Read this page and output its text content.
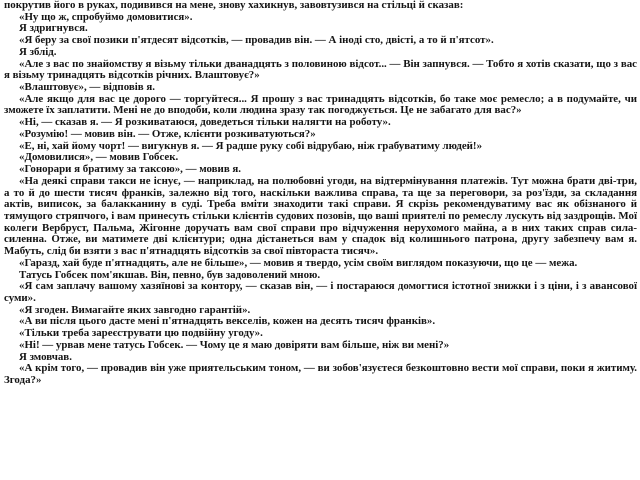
покрутив його в руках, подивився на мене, знову хахикнув, завовтузився на стільці й сказав:

«Ну що ж, спробуймо домовитися».

Я здригнувся.

«Я беру за свої позики п'ятдесят відсотків, — провадив він. — А іноді сто, двісті, а то й п'ятсот».

Я зблід.

«Але з вас по знайомству я візьму тільки дванадцять з половиною відсот... — Він запнувся. — Тобто я хотів сказати, що з вас я візьму тринадцять відсотків річних. Влаштовує?»

«Влаштовує», — відповів я.

«Але якщо для вас це дорого — торгуйтеся... Я прошу з вас тринадцять відсотків, бо таке моє ремесло; а в подумайте, чи зможете їх заплатити. Мені не до вподоби, коли людина зразу так погоджується. Це не забагато для вас?»

«Ні, — сказав я. — Я розкиватаюся, доведеться тільки налягти на роботу».

«Розумію! — мовив він. — Отже, клієнти розкиватуються?»

«Е, ні, хай йому чорт! — вигукнув я. — Я радше руку собі відрубаю, ніж грабуватиму людей!»

«Домовилися», — мовив Гобсек.

«Гонорари я братиму за таксою», — мовив я.

«На деякі справи такси не існує, — наприклад, на полюбовні угоди, на відтермінування платежів. Тут можна брати дві-три, а то й до шести тисяч франків, залежно від того, наскільки важлива справа, та ще за переговори, за роз'їзди, за складання актів, виписок, за балакканину в суді. Треба вміти знаходити такі справи. Я скрізь рекомендуватиму вас як обізнаного й тямущого стряпчого, і вам принесуть стільки клієнтів судових позовів, що ваші приятелі по ремеслу лускуть від заздрощів. Мої колеги Вербруст, Пальма, Жігонне доручать вам свої справи про відчуження нерухомого майна, а в них таких справ сила-силенна. Отже, ви матимете дві клієнтури; одна дістанеться вам у спадок від колишнього патрона, другу забезпечу вам я. Мабуть, слід би взяти з вас п'ятнадцять відсотків за свої півтораста тисяч».

«Гаразд, хай буде п'ятнадцять, але не більше», — мовив я твердо, усім своїм виглядом показуючи, що це — межа.

Татусь Гобсек пом'якшав. Він, певно, був задоволений мною.

«Я сам заплачу вашому хазяїнові за контору, — сказав він, — і постараюся домогтися істотної знижки і з ціни, і з авансової суми».

«Я згоден. Вимагайте яких завгодно гарантій».

«А ви після цього дасте мені п'ятнадцять векселів, кожен на десять тисяч франків».

«Тільки треба зареєструвати цю подвійну угоду».

«Ні! — урвав мене татусь Гобсек. — Чому це я маю довіряти вам більше, ніж ви мені?»

Я змовчав.

«А крім того, — провадив він уже приятельським тоном, — ви зобов'язуєтеся безкоштовно вести мої справи, поки я житиму. Згода?»
